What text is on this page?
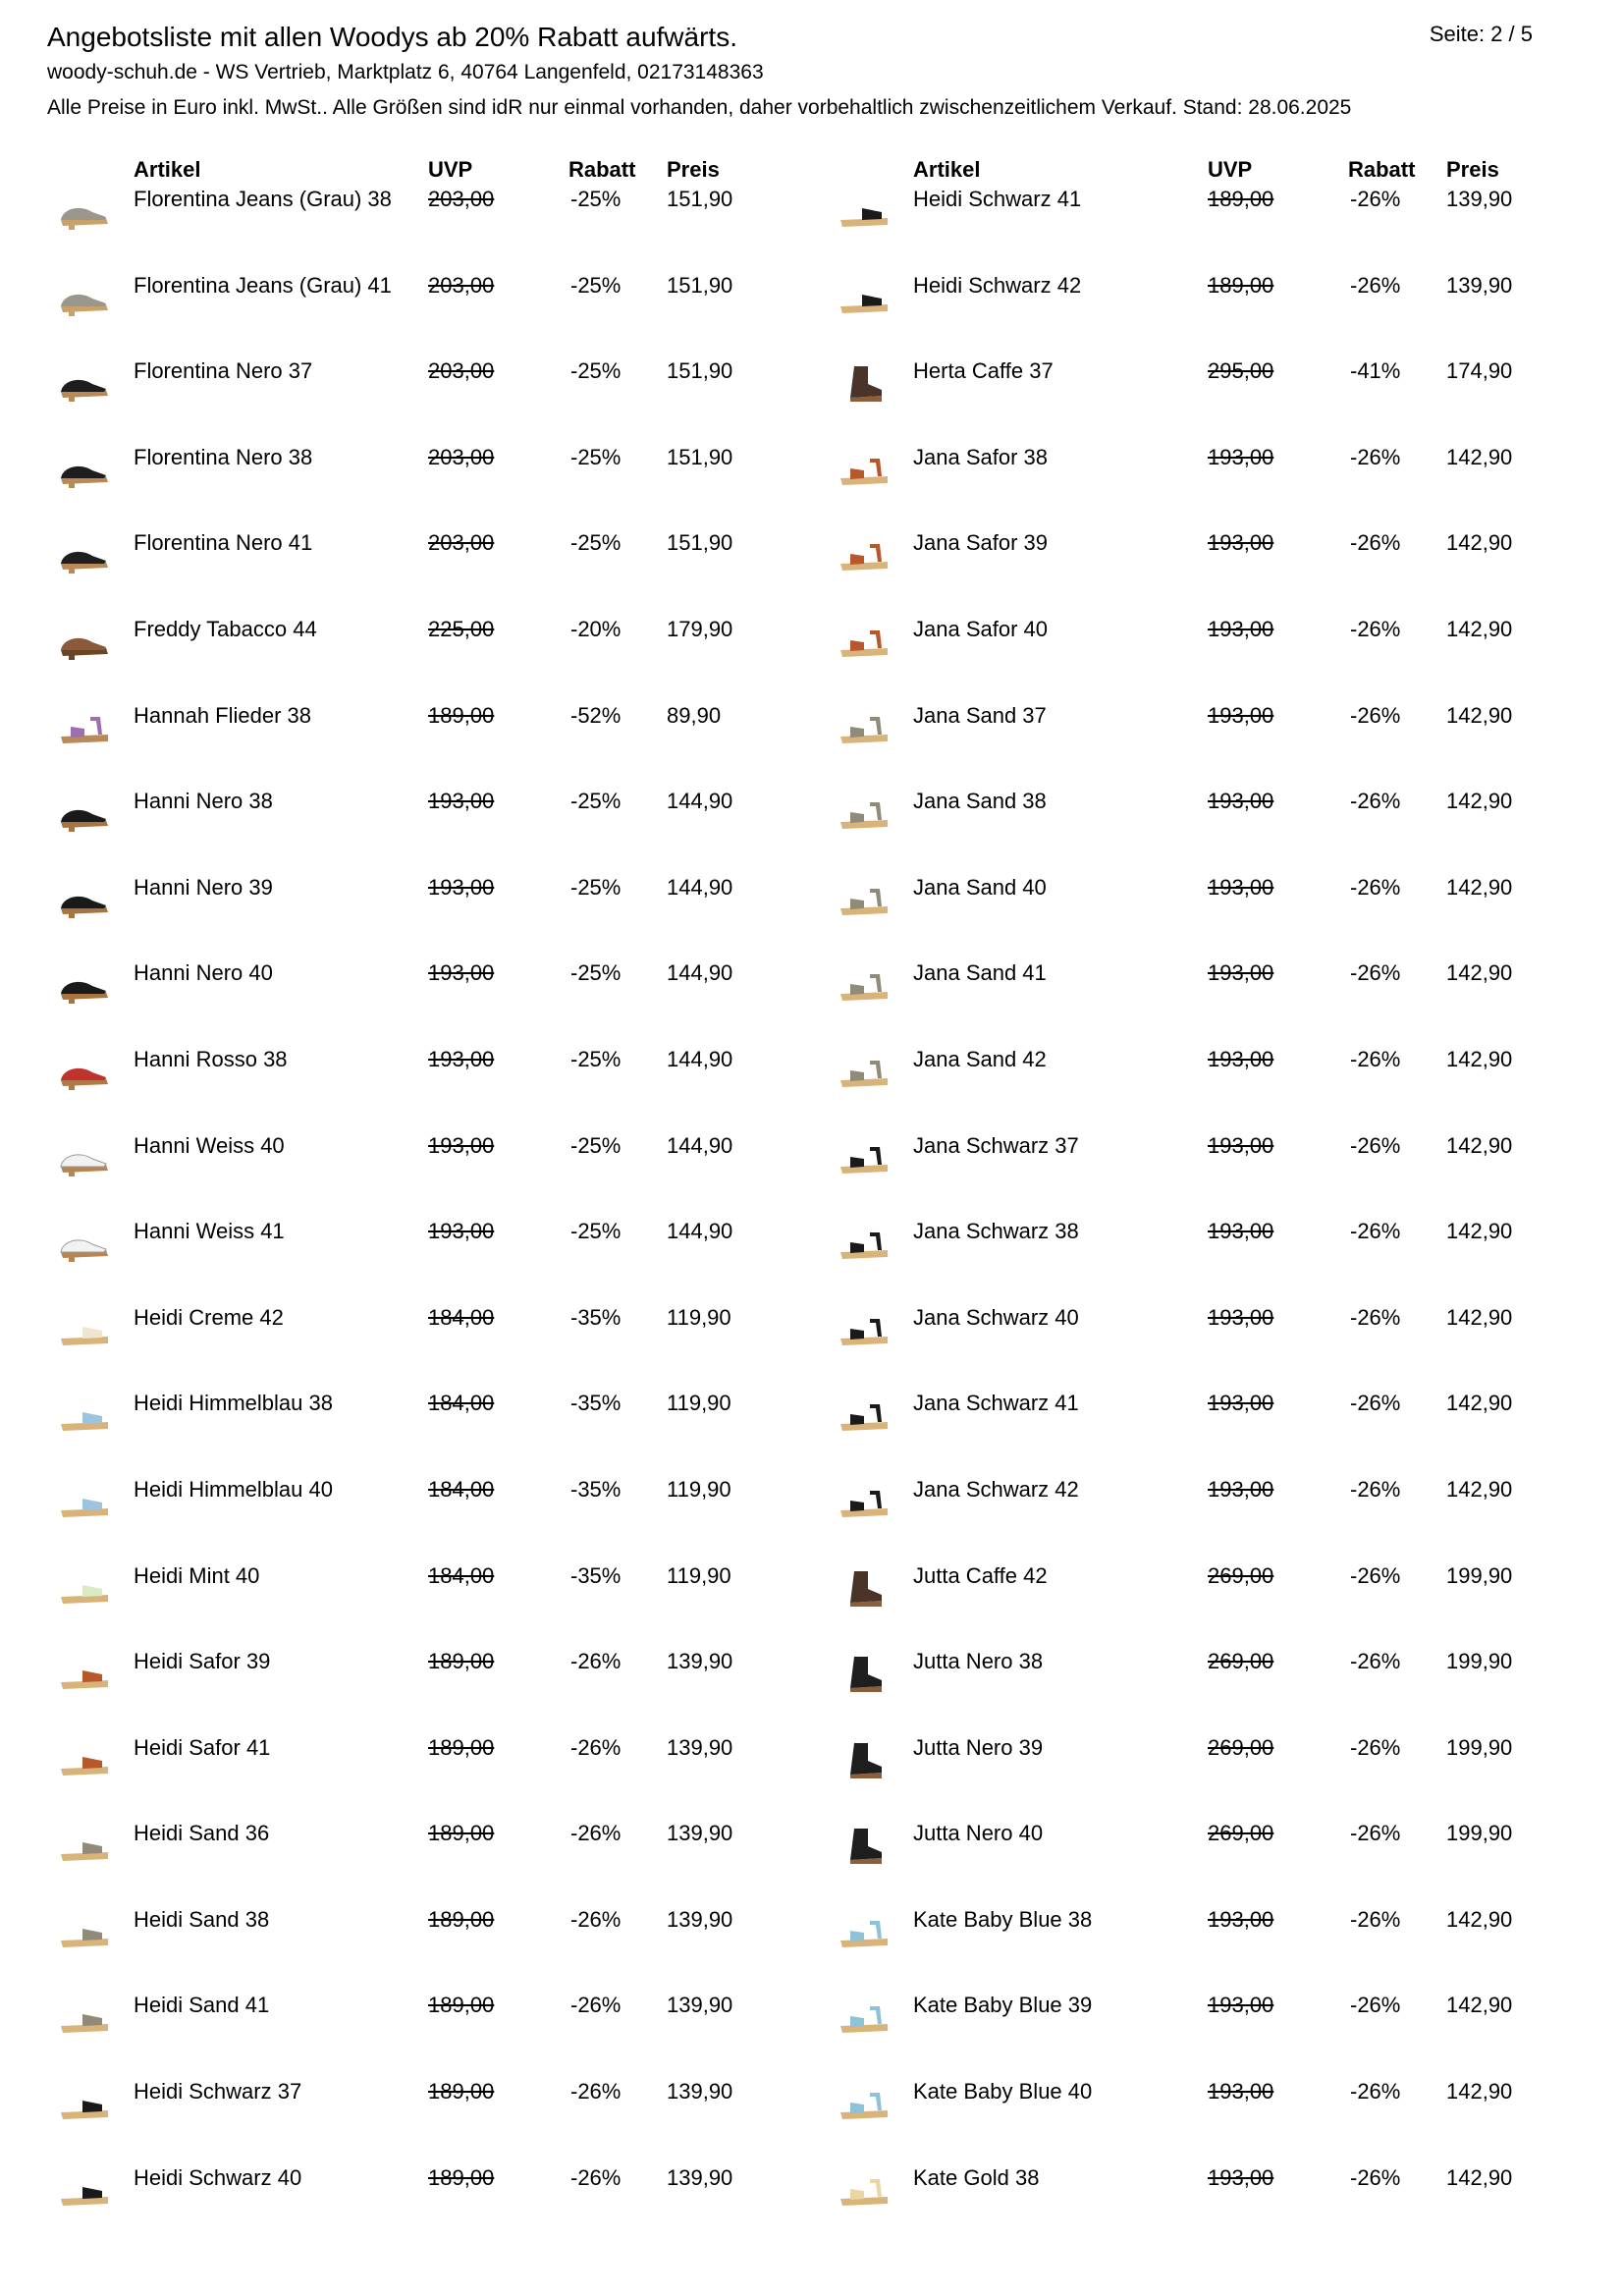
Angebotsliste mit allen Woodys ab 20% Rabatt aufwärts.	Seite: 2 / 5
woody-schuh.de - WS Vertrieb, Marktplatz 6, 40764 Langenfeld, 02173148363
Alle Preise in Euro inkl. MwSt.. Alle Größen sind idR nur einmal vorhanden, daher vorbehaltlich zwischenzeitlichem Verkauf. Stand: 28.06.2025
Artikel	UVP	Rabatt Preis
Florentina Jeans (Grau) 38 203,00	-25% 151,90
Florentina Jeans (Grau) 41 203,00	-25% 151,90
Florentina Nero 37	203,00	-25% 151,90
Florentina Nero 38	203,00	-25% 151,90
Florentina Nero 41	203,00	-25% 151,90
Freddy Tabacco 44	225,00	-20% 179,90
Hannah Flieder 38	189,00	-52% 89,90
Hanni Nero 38	193,00	-25% 144,90
Hanni Nero 39	193,00	-25% 144,90
Hanni Nero 40	193,00	-25% 144,90
Hanni Rosso 38	193,00	-25% 144,90
Hanni Weiss 40	193,00	-25% 144,90
Hanni Weiss 41	193,00	-25% 144,90
Heidi Creme 42	184,00	-35% 119,90
Heidi Himmelblau 38	184,00	-35% 119,90
Heidi Himmelblau 40	184,00	-35% 119,90
Heidi Mint 40	184,00	-35% 119,90
Heidi Safor 39	189,00	-26% 139,90
Heidi Safor 41	189,00	-26% 139,90
Heidi Sand 36	189,00	-26% 139,90
Heidi Sand 38	189,00	-26% 139,90
Heidi Sand 41	189,00	-26% 139,90
Heidi Schwarz 37	189,00	-26% 139,90
Heidi Schwarz 40	189,00	-26% 139,90
Artikel	UVP	Rabatt Preis
Heidi Schwarz 41	189,00	-26% 139,90
Heidi Schwarz 42	189,00	-26% 139,90
Herta Caffe 37	295,00	-41% 174,90
Jana Safor 38	193,00	-26% 142,90
Jana Safor 39	193,00	-26% 142,90
Jana Safor 40	193,00	-26% 142,90
Jana Sand 37	193,00	-26% 142,90
Jana Sand 38	193,00	-26% 142,90
Jana Sand 40	193,00	-26% 142,90
Jana Sand 41	193,00	-26% 142,90
Jana Sand 42	193,00	-26% 142,90
Jana Schwarz 37	193,00	-26% 142,90
Jana Schwarz 38	193,00	-26% 142,90
Jana Schwarz 40	193,00	-26% 142,90
Jana Schwarz 41	193,00	-26% 142,90
Jana Schwarz 42	193,00	-26% 142,90
Jutta Caffe 42	269,00	-26% 199,90
Jutta Nero 38	269,00	-26% 199,90
Jutta Nero 39	269,00	-26% 199,90
Jutta Nero 40	269,00	-26% 199,90
Kate Baby Blue 38	193,00	-26% 142,90
Kate Baby Blue 39	193,00	-26% 142,90
Kate Baby Blue 40	193,00	-26% 142,90
Kate Gold 38	193,00	-26% 142,90
